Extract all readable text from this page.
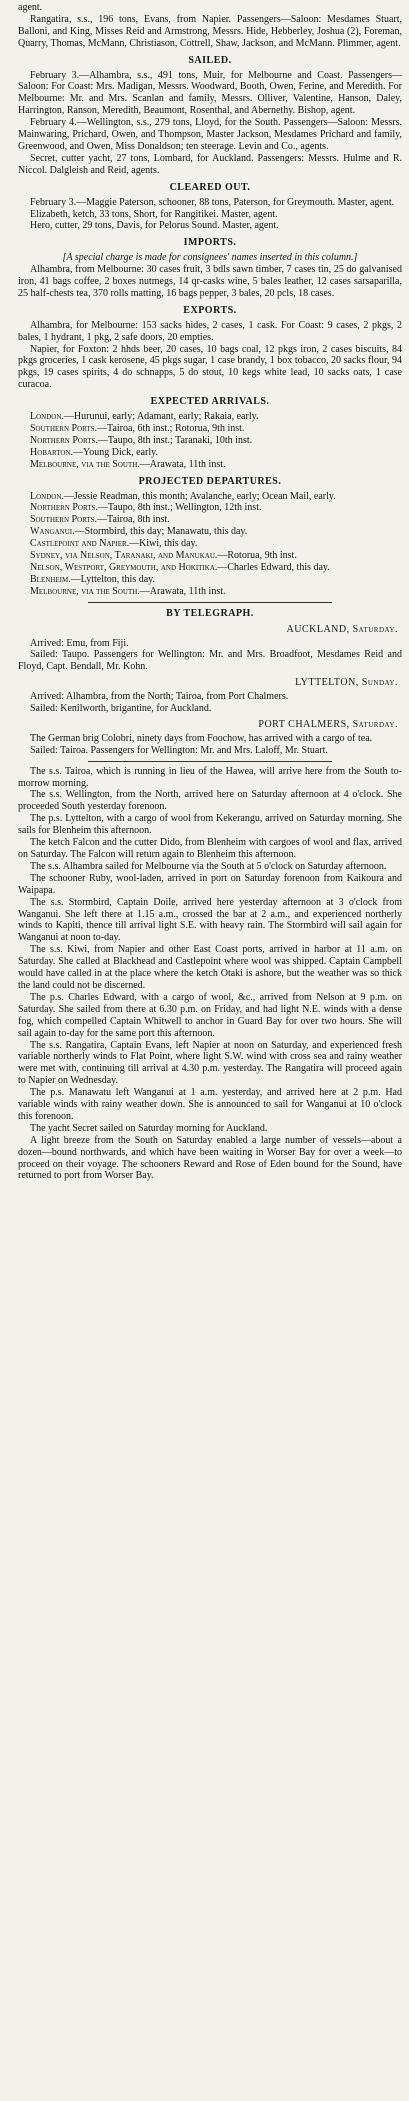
agent.

Rangatira, s.s., 196 tons, Evans, from Napier. Passengers—Saloon: Mesdames Stuart, Balloni, and King, Misses Reid and Armstrong, Messrs. Hide, Hebberley, Joshua (2), Foreman, Quarry, Thomas, McMann, Christiason, Cottrell, Shaw, Jackson, and McMann. Plimmer, agent.

SAILED.

February 3.—Alhambra, s.s., 491 tons, Muir, for Melbourne and Coast. Passengers—Saloon: For Coast: Mrs. Madigan, Messrs. Woodward, Booth, Owen, Ferine, and Meredith. For Melbourne: Mr. and Mrs. Scanlan and family, Messrs. Olliver, Valentine, Hanson, Daley, Harrington, Ranson, Meredith, Beaumont, Rosenthal, and Abernethy. Bishop, agent.

February 4.—Wellington, s.s., 279 tons, Lloyd, for the South. Passengers—Saloon: Messrs. Mainwaring, Prichard, Owen, and Thompson, Master Jackson, Mesdames Prichard and family, Greenwood, and Owen, Miss Donaldson; ten steerage. Levin and Co., agents.

Secret, cutter yacht, 27 tons, Lombard, for Auckland. Passengers: Messrs. Hulme and R. Niccol. Dalgleish and Reid, agents.

CLEARED OUT.

February 3.—Maggie Paterson, schooner, 88 tons, Paterson, for Greymouth. Master, agent.

Elizabeth, ketch, 33 tons, Short, for Rangitikei. Master, agent.

Hero, cutter, 29 tons, Davis, for Pelorus Sound. Master, agent.

IMPORTS.

[A special charge is made for consignees' names inserted in this column.]

Alhambra, from Melbourne: 30 cases fruit, 3 bdls sawn timber, 7 cases tin, 25 do galvanised iron, 41 bags coffee, 2 boxes nutmegs, 14 qr-casks wine, 5 bales leather, 12 cases sarsaparilla, 25 half-chests tea, 370 rolls matting, 16 bags pepper, 3 bales, 20 pcls, 18 cases.

EXPORTS.

Alhambra, for Melbourne: 153 sacks hides, 2 cases, 1 cask. For Coast: 9 cases, 2 pkgs, 2 bales, 1 hydrant, 1 pkg, 2 safe doors, 20 empties.

Napier, for Foxton: 2 hhds beer, 20 cases, 10 bags coal, 12 pkgs iron, 2 cases biscuits, 84 pkgs groceries, 1 cask kerosene, 45 pkgs sugar, 1 case brandy, 1 box tobacco, 20 sacks flour, 94 pkgs, 19 cases spirits, 4 do schnapps, 5 do stout, 10 kegs white lead, 10 sacks oats, 1 case curacoa.

EXPECTED ARRIVALS.

London.—Hurunui, early; Adamant, early; Rakaia, early.

Southern Ports.—Tairoa, 6th inst.; Rotorua, 9th inst.

Northern Ports.—Taupo, 8th inst.; Taranaki, 10th inst.

Hobarton.—Young Dick, early.

Melbourne, via the South.—Arawata, 11th inst.

PROJECTED DEPARTURES.

London.—Jessie Readman, this month; Avalanche, early; Ocean Mail, early.

Northern Ports.—Taupo, 8th inst.; Wellington, 12th inst.

Southern Ports.—Tairoa, 8th inst.

Wanganui.—Stormbird, this day; Manawatu, this day.

Castlepoint and Napier.—Kiwi, this day.

Sydney, via Nelson, Taranaki, and Manukau.—Rotorua, 9th inst.

Nelson, Westport, Greymouth, and Hokitika.—Charles Edward, this day.

Blenheim.—Lyttelton, this day.

Melbourne, via the South.—Arawata, 11th inst.

BY TELEGRAPH.
AUCKLAND, Saturday.

Arrived: Emu, from Fiji.

Sailed: Taupo. Passengers for Wellington: Mr. and Mrs. Broadfoot, Mesdames Reid and Floyd, Capt. Bendall, Mr. Kohn.

LYTTELTON, Sunday.

Arrived: Alhambra, from the North; Tairoa, from Port Chalmers.

Sailed: Kenilworth, brigantine, for Auckland.

PORT CHALMERS, Saturday.

The German brig Colobri, ninety days from Foochow, has arrived with a cargo of tea.

Sailed: Tairoa. Passengers for Wellington: Mr. and Mrs. Laloff, Mr. Stuart.

The s.s. Tairoa, which is running in lieu of the Hawea, will arrive here from the South to-morrow morning.

The s.s. Wellington, from the North, arrived here on Saturday afternoon at 4 o'clock. She proceeded South yesterday forenoon.

The p.s. Lyttelton, with a cargo of wool from Kekerangu, arrived on Saturday morning. She sails for Blenheim this afternoon.

The ketch Falcon and the cutter Dido, from Blenheim with cargoes of wool and flax, arrived on Saturday. The Falcon will return again to Blenheim this afternoon.

The s.s. Alhambra sailed for Melbourne via the South at 5 o'clock on Saturday afternoon.

The schooner Ruby, wool-laden, arrived in port on Saturday forenoon from Kaikoura and Waipapa.

The s.s. Stormbird, Captain Doile, arrived here yesterday afternoon at 3 o'clock from Wanganui. She left there at 1.15 a.m., crossed the bar at 2 a.m., and experienced northerly winds to Kapiti, thence till arrival light S.E. with heavy rain. The Stormbird will sail again for Wanganui at noon to-day.

The s.s. Kiwi, from Napier and other East Coast ports, arrived in harbor at 11 a.m. on Saturday. She called at Blackhead and Castlepoint where wool was shipped. Captain Campbell would have called in at the place where the ketch Otaki is ashore, but the weather was so thick the land could not be discerned.

The p.s. Charles Edward, with a cargo of wool, &c., arrived from Nelson at 9 p.m. on Saturday. She sailed from there at 6.30 p.m. on Friday, and had light N.E. winds with a dense fog, which compelled Captain Whitwell to anchor in Guard Bay for over two hours. She will sail again to-day for the same port this afternoon.

The s.s. Rangatira, Captain Evans, left Napier at noon on Saturday, and experienced fresh variable northerly winds to Flat Point, where light S.W. wind with cross sea and rainy weather were met with, continuing till arrival at 4.30 p.m. yesterday. The Rangatira will proceed again to Napier on Wednesday.

The p.s. Manawatu left Wanganui at 1 a.m. yesterday, and arrived here at 2 p.m. Had variable winds with rainy weather down. She is announced to sail for Wanganui at 10 o'clock this forenoon.

The yacht Secret sailed on Saturday morning for Auckland.

A light breeze from the South on Saturday enabled a large number of vessels—about a dozen—bound northwards, and which have been waiting in Worser Bay for over a week—to proceed on their voyage. The schooners Reward and Rose of Eden bound for the Sound, have returned to port from Worser Bay.
